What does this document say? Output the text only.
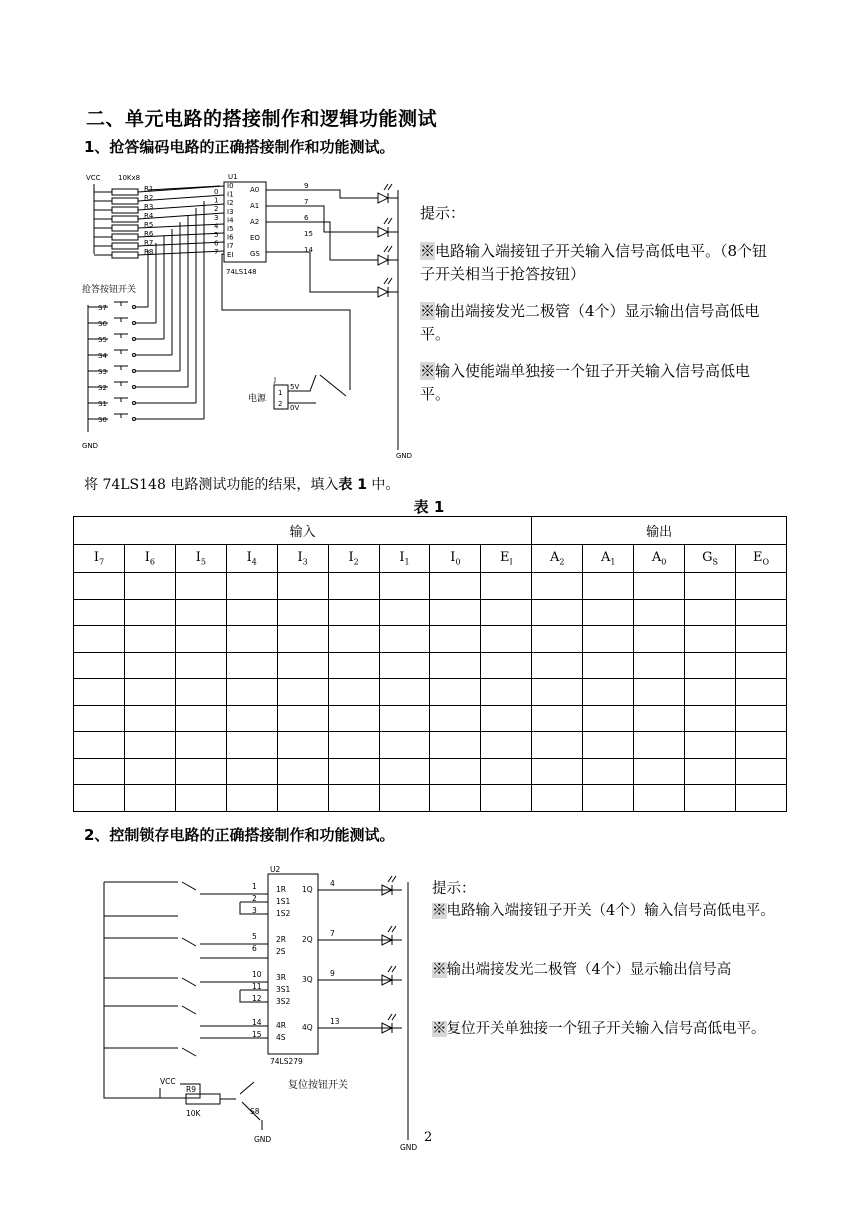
二、单元电路的搭接制作和逻辑功能测试
1、抢答编码电路的正确搭接制作和功能测试。
R1
R2
R3
R4
R5
R6
R7
R8
VCC 10Kx8	U1
74LS148
I0
I1
I2
I3
I4
I5
I6
I7
EI
0
1
2
3
4
5
6
7
A0
A1
A2
EO
GS
9
7
6
15
14
抢答按钮开关
S7
S6
S5
S4
S3
S2
S1
S0
GND
GND
电源
J
1
2
5V
0V

提示：

※电路输入端接钮子开关输入信号高低电平。（8个钮子开关相当于抢答按钮）

※输出端接发光二极管（4个）显示输出信号高低电平。

※输入使能端单独接一个钮子开关输入信号高低电平。

将 74LS148 电路测试功能的结果，填入表 1 中。
表 1
输入									输出				
$I_7$	$I_6$	$I_5$	$I_4$	$I_3$	$I_2$	$I_1$	$I_0$	$E_I$	$A_2$	$A_1$	$A_0$	$G_S$	$E_O$

2、控制锁存电路的正确搭接制作和功能测试。
U2
74LS279
1
2
3
5
6
10
11
12
14
15
1R
1S1
1S2
2R
2S
3R
3S1
3S2
4R
4S
1Q
2Q
3Q
4Q
4
7
9
13
VCC
R9
10K	S8
复位按钮开关
GND
GND

提示：

※电路输入端接钮子开关（4个）输入信号高低电平。

※输出端接发光二极管（4个）显示输出信号高

※复位开关单独接一个钮子开关输入信号高低电平。

2
